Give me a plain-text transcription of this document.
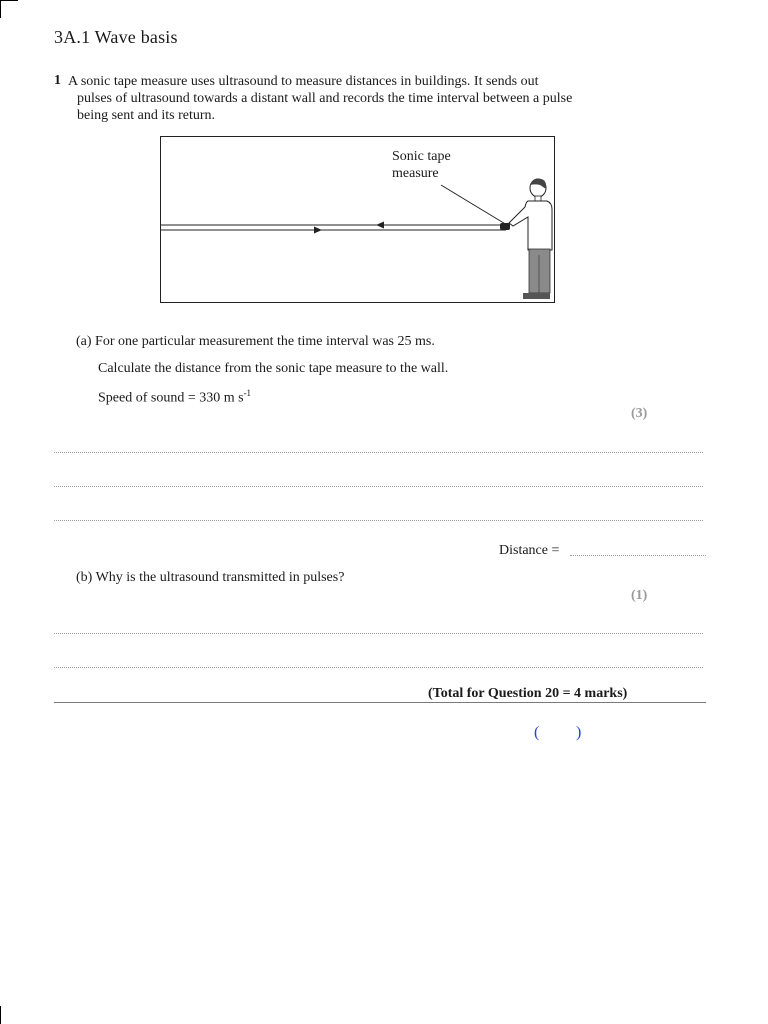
3A.1 Wave basis
1 A sonic tape measure uses ultrasound to measure distances in buildings. It sends out
pulses of ultrasound towards a distant wall and records the time interval between a pulse
being sent and its return.
Sonic tape
measure
(a) For one particular measurement the time interval was 25 ms.
Calculate the distance from the sonic tape measure to the wall.
Speed of sound = 330 m $s^{-1}$
(3)
Distance =
(b) Why is the ultrasound transmitted in pulses?
(1)
(Total for Question 20 = 4 marks)
( )
